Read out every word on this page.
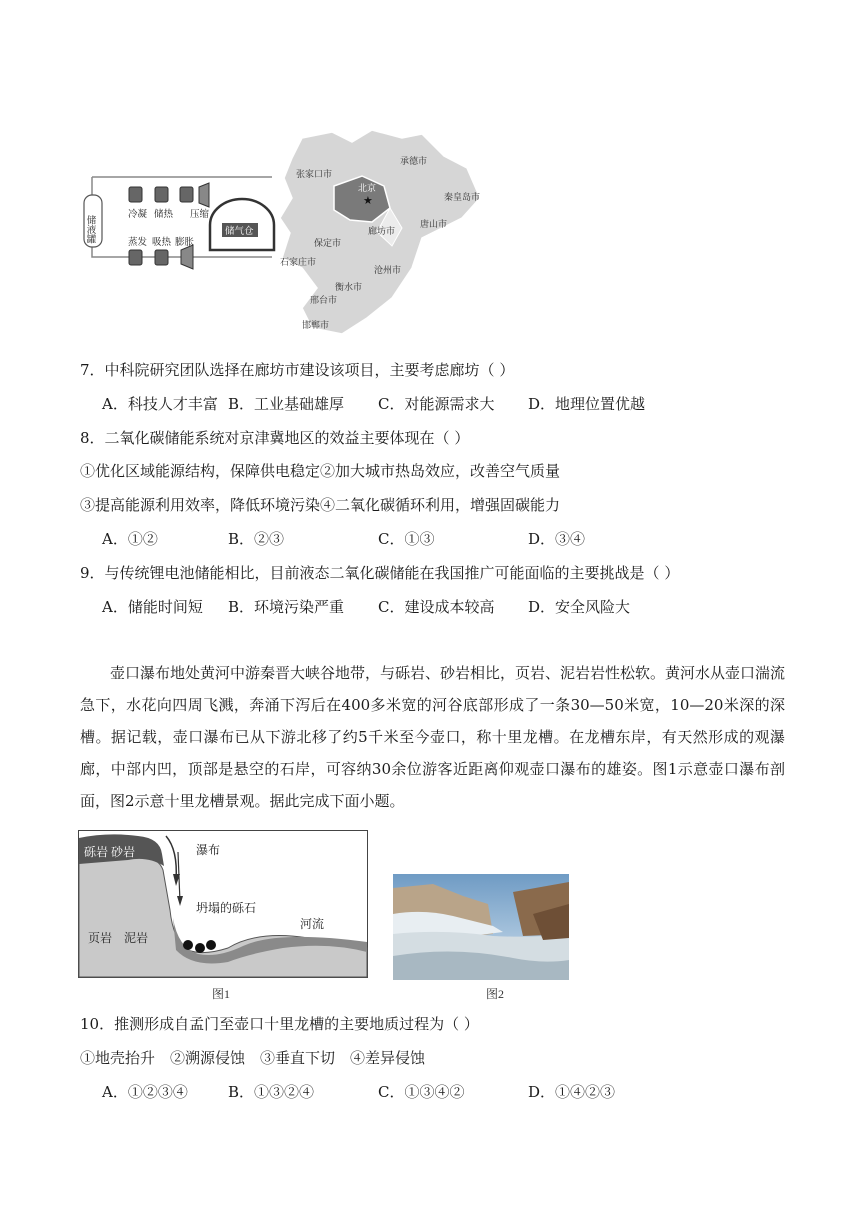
储液罐
冷凝 储热 压缩
蒸发 吸热 膨胀
储气仓
北京
★
张家口市
承德市
秦皇岛市
唐山市
廊坊市
保定市
石家庄市
沧州市
衡水市
邢台市
邯郸市
7．中科院研究团队选择在廊坊市建设该项目，主要考虑廊坊（ ）
A．科技人才丰富 B．工业基础雄厚 C．对能源需求大 D．地理位置优越
8．二氧化碳储能系统对京津冀地区的效益主要体现在（ ）
①优化区域能源结构，保障供电稳定②加大城市热岛效应，改善空气质量
③提高能源利用效率，降低环境污染④二氧化碳循环利用，增强固碳能力
A．①②	B．②③	C．①③	D．③④
9．与传统锂电池储能相比，目前液态二氧化碳储能在我国推广可能面临的主要挑战是（ ）
A．储能时间短 B．环境污染严重 C．建设成本较高 D．安全风险大
壶口瀑布地处黄河中游秦晋大峡谷地带，与砾岩、砂岩相比，页岩、泥岩岩性松软。黄河水从壶口湍流急下，水花向四周飞溅，奔涌下泻后在400多米宽的河谷底部形成了一条30—50米宽，10—20米深的深槽。据记载，壶口瀑布已从下游北移了约5千米至今壶口，称十里龙槽。在龙槽东岸，有天然形成的观瀑廊，中部内凹，顶部是悬空的石岸，可容纳30余位游客近距离仰观壶口瀑布的雄姿。图1示意壶口瀑布剖面，图2示意十里龙槽景观。据此完成下面小题。
砾岩 砂岩	瀑布
坍塌的砾石
河流
页岩　泥岩
图1	图2
10．推测形成自孟门至壶口十里龙槽的主要地质过程为（ ）
①地壳抬升　②溯源侵蚀　③垂直下切　④差异侵蚀
A．①②③④	B．①③②④	C．①③④②	D．①④②③
